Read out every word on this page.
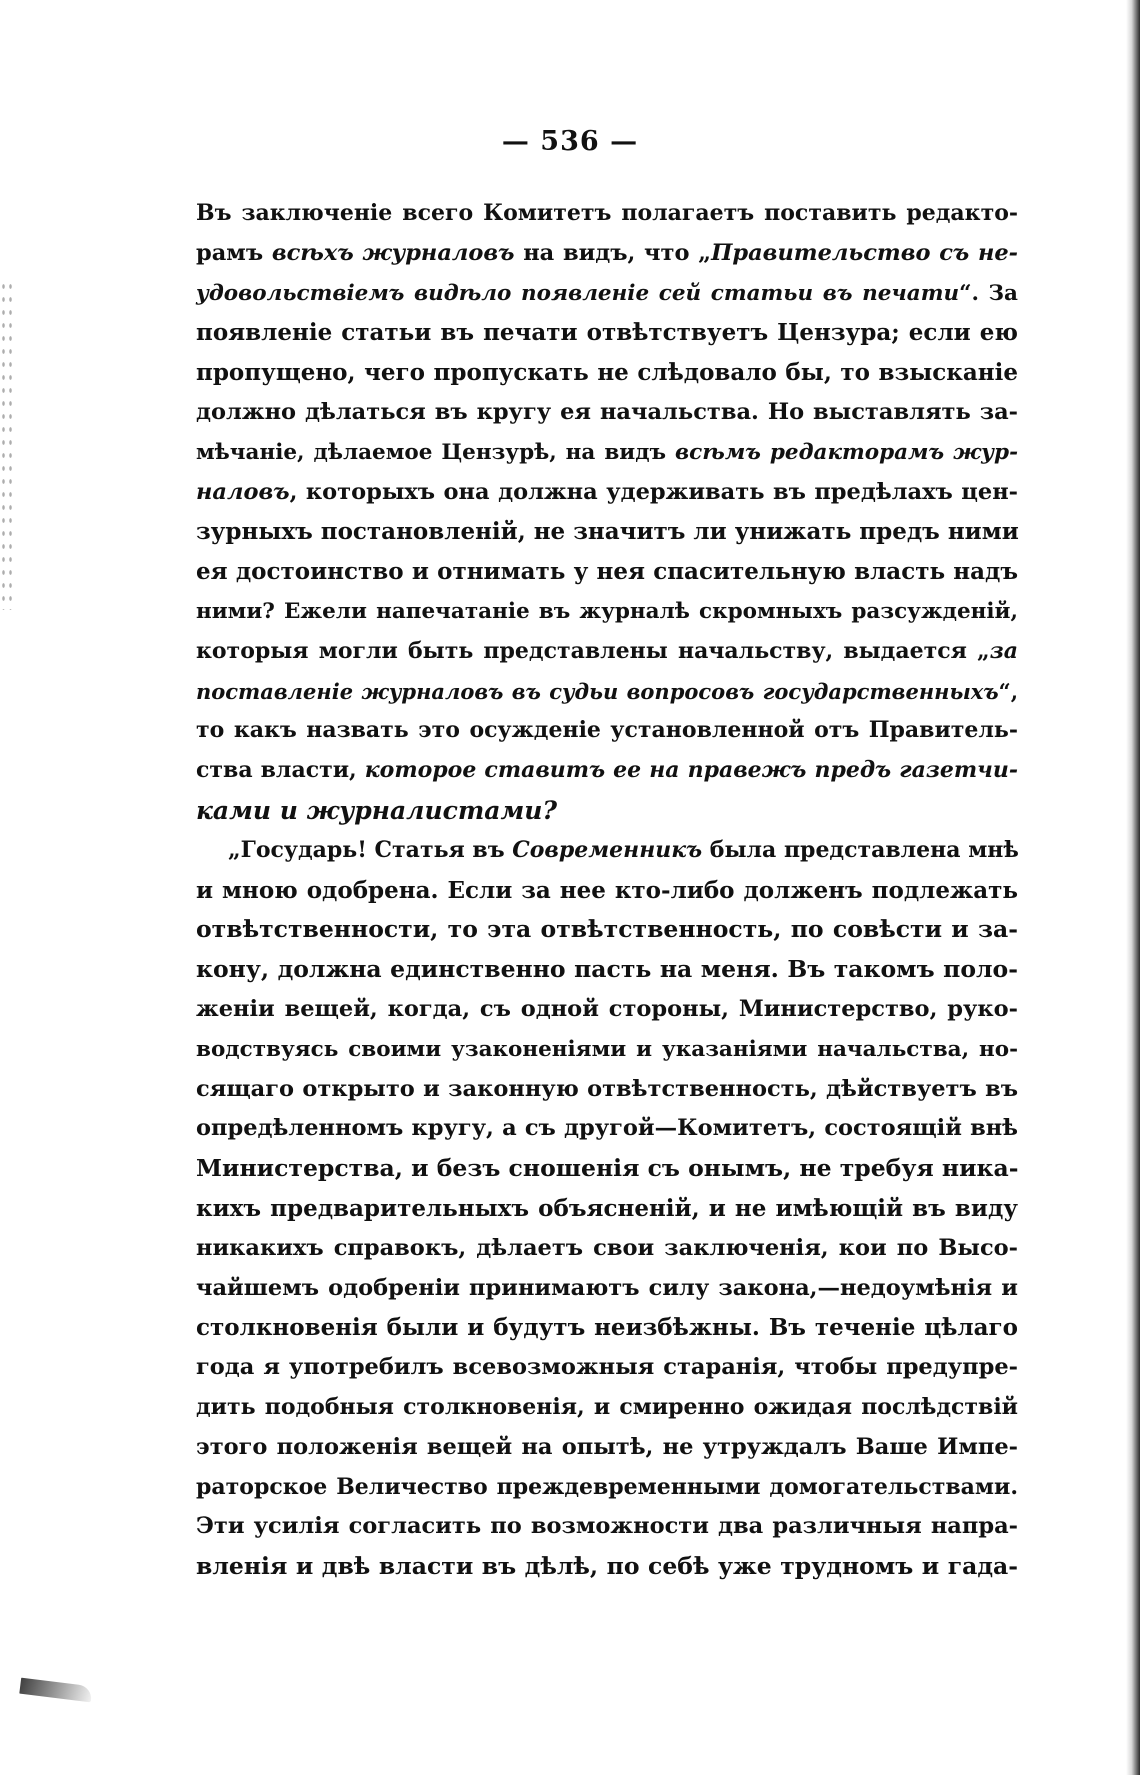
— 536 —
Въ заключеніе всего Комитетъ полагаетъ поставить редакто-
рамъ всѣхъ журналовъ на видъ, что „Правительство съ не-
удовольствіемъ видѣло появленіе сей статьи въ печати“. За
появленіе статьи въ печати отвѣтствуетъ Цензура; если ею
пропущено, чего пропускать не слѣдовало бы, то взысканіе
должно дѣлаться въ кругу ея начальства. Но выставлять за-
мѣчаніе, дѣлаемое Цензурѣ, на видъ всѣмъ редакторамъ жур-
наловъ, которыхъ она должна удерживать въ предѣлахъ цен-
зурныхъ постановленій, не значитъ ли унижать предъ ними
ея достоинство и отнимать у нея спасительную власть надъ
ними? Ежели напечатаніе въ журналѣ скромныхъ разсужденій,
которыя могли быть представлены начальству, выдается „за
поставленіе журналовъ въ судьи вопросовъ государственныхъ“,
то какъ назвать это осужденіе установленной отъ Правитель-
ства власти, которое ставитъ ее на правежъ предъ газетчи-
ками и журналистами?
„Государь! Статья въ Современникъ была представлена мнѣ
и мною одобрена. Если за нее кто-либо долженъ подлежать
отвѣтственности, то эта отвѣтственность, по совѣсти и за-
кону, должна единственно пасть на меня. Въ такомъ поло-
женіи вещей, когда, съ одной стороны, Министерство, руко-
водствуясь своими узаконеніями и указаніями начальства, но-
сящаго открыто и законную отвѣтственность, дѣйствуетъ въ
опредѣленномъ кругу, а съ другой—Комитетъ, состоящій внѣ
Министерства, и безъ сношенія съ онымъ, не требуя никa-
кихъ предварительныхъ объясненій, и не имѣющій въ виду
никакихъ справокъ, дѣлаетъ свои заключенія, кои по Высо-
чайшемъ одобреніи принимаютъ силу закона,—недоумѣнія и
столкновенія были и будутъ неизбѣжны. Въ теченіе цѣлаго
года я употребилъ всевозможныя старанія, чтобы предупре-
дить подобныя столкновенія, и смиренно ожидая послѣдствій
этого положенія вещей на опытѣ, не утруждалъ Ваше Импе-
раторское Величество преждевременными домогательствами.
Эти усилія согласить по возможности два различныя напра-
вленія и двѣ власти въ дѣлѣ, по себѣ уже трудномъ и гада-
